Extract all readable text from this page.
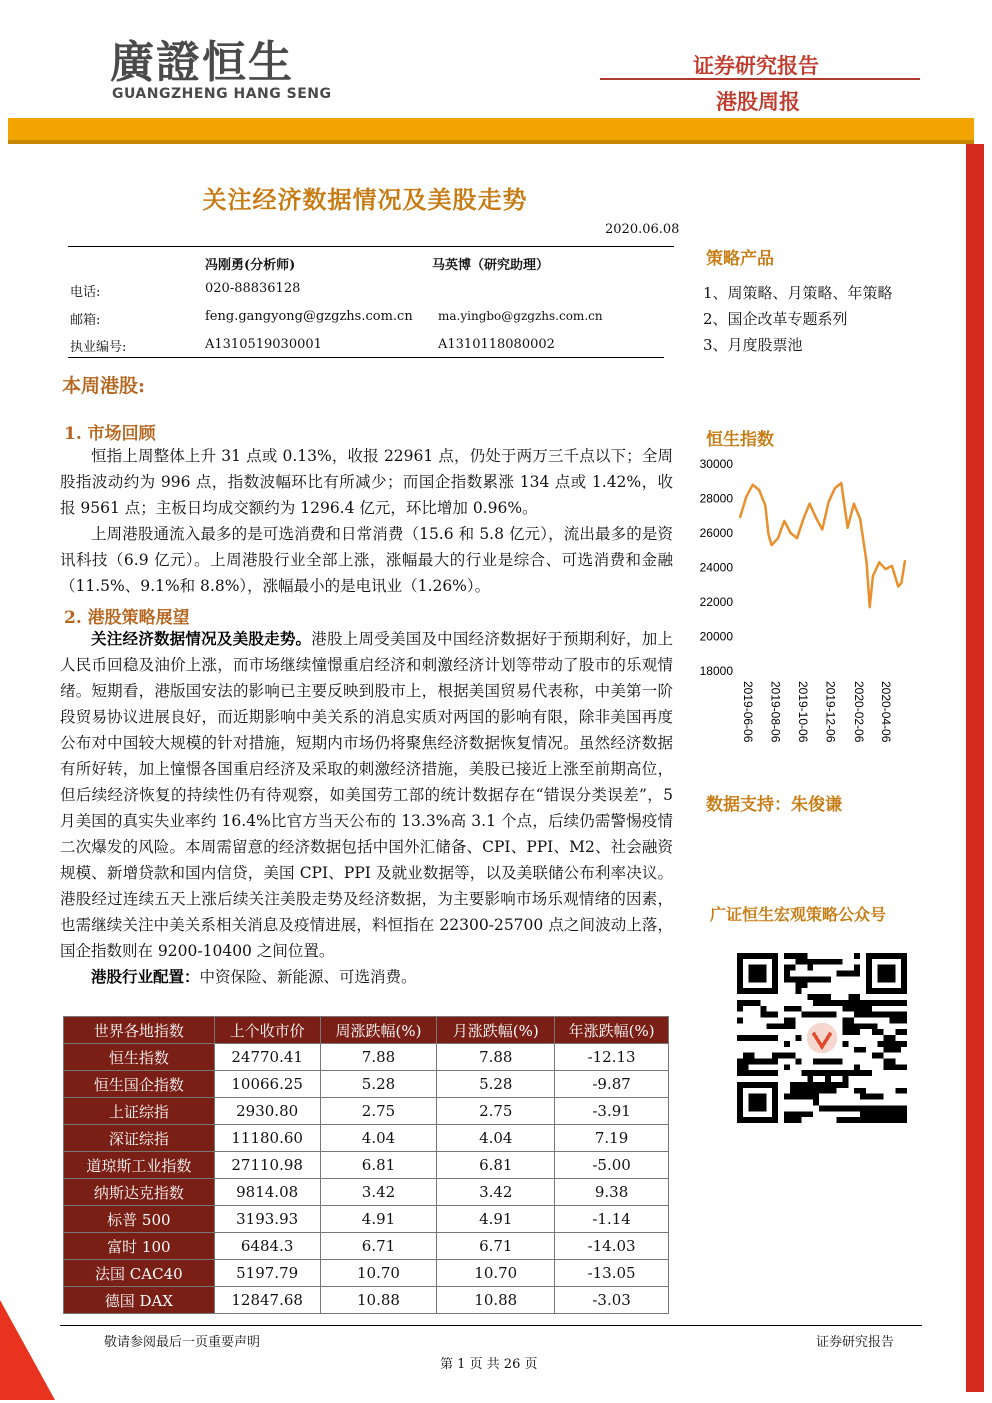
廣證恒生
GUANGZHENG HANG SENG
证券研究报告
港股周报
关注经济数据情况及美股走势
2020.06.08
冯刚勇(分析师)	马英博（研究助理）
电话:	020-88836128
邮箱:	feng.gangyong@gzgzhs.com.cn ma.yingbo@gzgzhs.com.cn
执业编号:	A1310519030001	A1310118080002
本周港股:
1. 市场回顾

恒指上周整体上升 31 点或 0.13%，收报 22961 点，仍处于两万三千点以下；全周股指波动约为 996 点，指数波幅环比有所减少；而国企指数累涨 134 点或 1.42%，收报 9561 点；主板日均成交额约为 1296.4 亿元，环比增加 0.96%。

上周港股通流入最多的是可选消费和日常消费（15.6 和 5.8 亿元），流出最多的是资讯科技（6.9 亿元）。上周港股行业全部上涨，涨幅最大的行业是综合、可选消费和金融（11.5%、9.1%和 8.8%），涨幅最小的是电讯业（1.26%）。

2. 港股策略展望

关注经济数据情况及美股走势。港股上周受美国及中国经济数据好于预期利好，加上人民币回稳及油价上涨，而市场继续憧憬重启经济和刺激经济计划等带动了股市的乐观情绪。短期看，港版国安法的影响已主要反映到股市上，根据美国贸易代表称，中美第一阶段贸易协议进展良好，而近期影响中美关系的消息实质对两国的影响有限，除非美国再度公布对中国较大规模的针对措施，短期内市场仍将聚焦经济数据恢复情况。虽然经济数据有所好转，加上憧憬各国重启经济及采取的刺激经济措施，美股已接近上涨至前期高位，但后续经济恢复的持续性仍有待观察，如美国劳工部的统计数据存在“错误分类误差”，5 月美国的真实失业率约 16.4%比官方当天公布的 13.3%高 3.1 个点，后续仍需警惕疫情二次爆发的风险。本周需留意的经济数据包括中国外汇储备、CPI、PPI、M2、社会融资规模、新增贷款和国内信贷，美国 CPI、PPI 及就业数据等，以及美联储公布利率决议。港股经过连续五天上涨后续关注美股走势及经济数据，为主要影响市场乐观情绪的因素，也需继续关注中美关系相关消息及疫情进展，料恒指在 22300-25700 点之间波动上落，国企指数则在 9200-10400 之间位置。

港股行业配置：中资保险、新能源、可选消费。

世界各地指数	上个收市价	周涨跌幅(%)	月涨跌幅(%)	年涨跌幅(%)
恒生指数	24770.41	7.88	7.88	-12.13
恒生国企指数	10066.25	5.28	5.28	-9.87
上证综指	2930.80	2.75	2.75	-3.91
深证综指	11180.60	4.04	4.04	7.19
道琼斯工业指数	27110.98	6.81	6.81	-5.00
纳斯达克指数	9814.08	3.42	3.42	9.38
标普 500	3193.93	4.91	4.91	-1.14
富时 100	6484.3	6.71	6.71	-14.03
法国 CAC40	5197.79	10.70	10.70	-13.05
德国 DAX	12847.68	10.88	10.88	-3.03
策略产品
1、周策略、月策略、年策略
2、国企改革专题系列
3、月度股票池
恒生指数
18000
20000
22000
24000
26000
28000
30000
2019-06-06 2019-08-06 2019-10-06 2019-12-06 2020-02-06 2020-04-06
数据支持：朱俊谦
广证恒生宏观策略公众号
敬请参阅最后一页重要声明	证券研究报告
第 1 页 共 26 页
